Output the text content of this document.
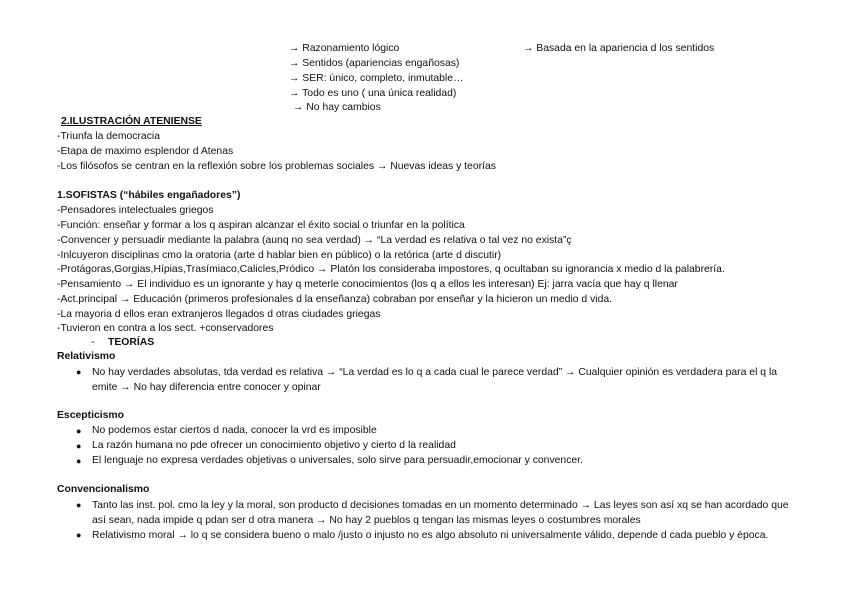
→ Razonamiento lógico	→ Basada en la apariencia d los sentidos
→ Sentidos (apariencias engañosas)
→ SER: único, completo, inmutable…
→ Todo es uno ( una única realidad)
→ No hay cambios
2.ILUSTRACIÓN ATENIENSE
-Triunfa la democracia
-Etapa de maximo esplendor d Atenas
-Los filósofos se centran en la reflexión sobre los problemas sociales → Nuevas ideas y teorías
1.SOFISTAS (“hábiles engañadores”)
-Pensadores intelectuales griegos
-Función: enseñar y formar a los q aspiran alcanzar el éxito social o triunfar en la política
-Convencer y persuadir mediante la palabra (aunq no sea verdad) → “La verdad es relativa o tal vez no exista”ç
-Inlcuyeron disciplinas cmo la oratoria (arte d hablar bien en público) o la retórica (arte d discutir)
-Protágoras,Gorgias,Hípias,Trasímiaco,Calicles,Pródico → Platón los consideraba impostores, q ocultaban su ignorancia x medio d la palabrería.
-Pensamiento → El individuo es un ignorante y hay q meterle conocimientos (los q a ellos les interesan) Ej: jarra vacía que hay q llenar
-Act.principal → Educación (primeros profesionales d la enseñanza) cobraban por enseñar y la hicieron un medio d vida.
-La mayoria d ellos eran extranjeros llegados d otras ciudades griegas
-Tuvieron en contra a los sect. +conservadores
- TEORÍAS
Relativismo
● No hay verdades absolutas, tda verdad es relativa → “La verdad es lo q a cada cual le parece verdad” → Cualquier opinión es verdadera para el q la emite → No hay diferencia entre conocer y opinar
Escepticismo
● No podemos estar ciertos d nada, conocer la vrd es imposible
● La razón humana no pde ofrecer un conocimiento objetivo y cierto d la realidad
● El lenguaje no expresa verdades objetivas o universales, solo sirve para persuadir,emocionar y convencer.
Convencionalismo
● Tanto las inst. pol. cmo la ley y la moral, son producto d decisiones tomadas en un momento determinado → Las leyes son así xq se han acordado que así sean, nada impide q pdan ser d otra manera → No hay 2 pueblos q tengan las mismas leyes o costumbres morales
● Relativismo moral → lo q se considera bueno o malo /justo o injusto no es algo absoluto ni universalmente válido, depende d cada pueblo y época.
